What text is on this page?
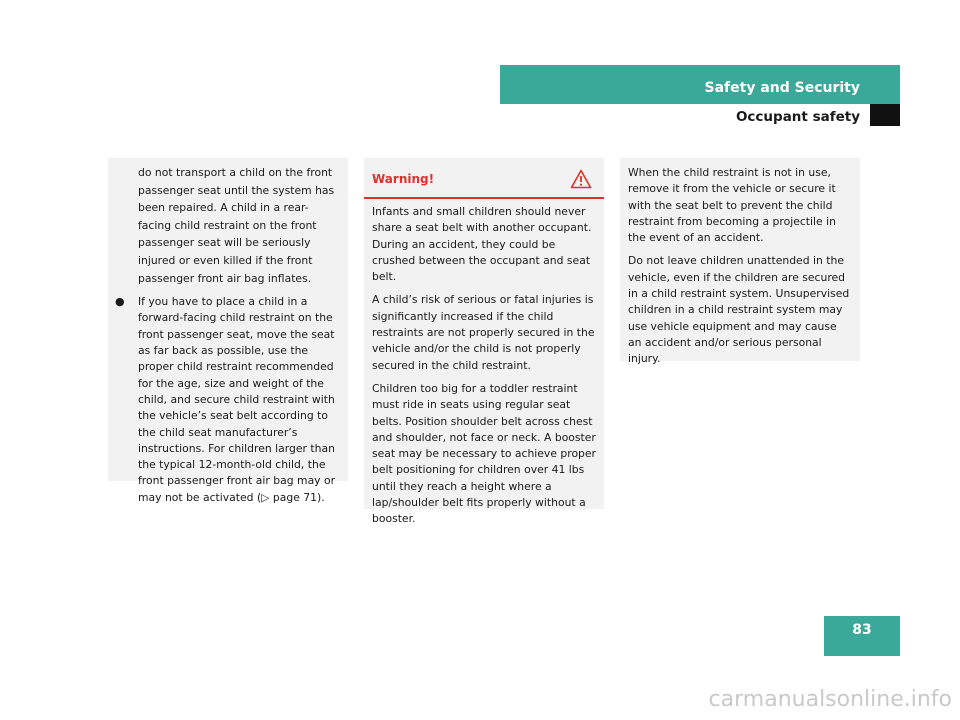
Safety and Security
Occupant safety

do not transport a child on the front passenger seat until the system has been repaired. A child in a rear-facing child restraint on the front passenger seat will be seriously injured or even killed if the front passenger front air bag inflates.

● If you have to place a child in a forward-facing child restraint on the front passenger seat, move the seat as far back as possible, use the proper child restraint recommended for the age, size and weight of the child, and secure child restraint with the vehicle’s seat belt according to the child seat manufacturer’s instructions. For children larger than the typical 12-month-old child, the front passenger front air bag may or may not be activated (▷ page 71).

Warning!

Infants and small children should never share a seat belt with another occupant. During an accident, they could be crushed between the occupant and seat belt.

A child’s risk of serious or fatal injuries is significantly increased if the child restraints are not properly secured in the vehicle and/or the child is not properly secured in the child restraint.

Children too big for a toddler restraint must ride in seats using regular seat belts. Position shoulder belt across chest and shoulder, not face or neck. A booster seat may be necessary to achieve proper belt positioning for children over 41 lbs until they reach a height where a lap/shoulder belt fits properly without a booster.

When the child restraint is not in use, remove it from the vehicle or secure it with the seat belt to prevent the child restraint from becoming a projectile in the event of an accident.

Do not leave children unattended in the vehicle, even if the children are secured in a child restraint system. Unsupervised children in a child restraint system may use vehicle equipment and may cause an accident and/or serious personal injury.

83
carmanualsonline.info
